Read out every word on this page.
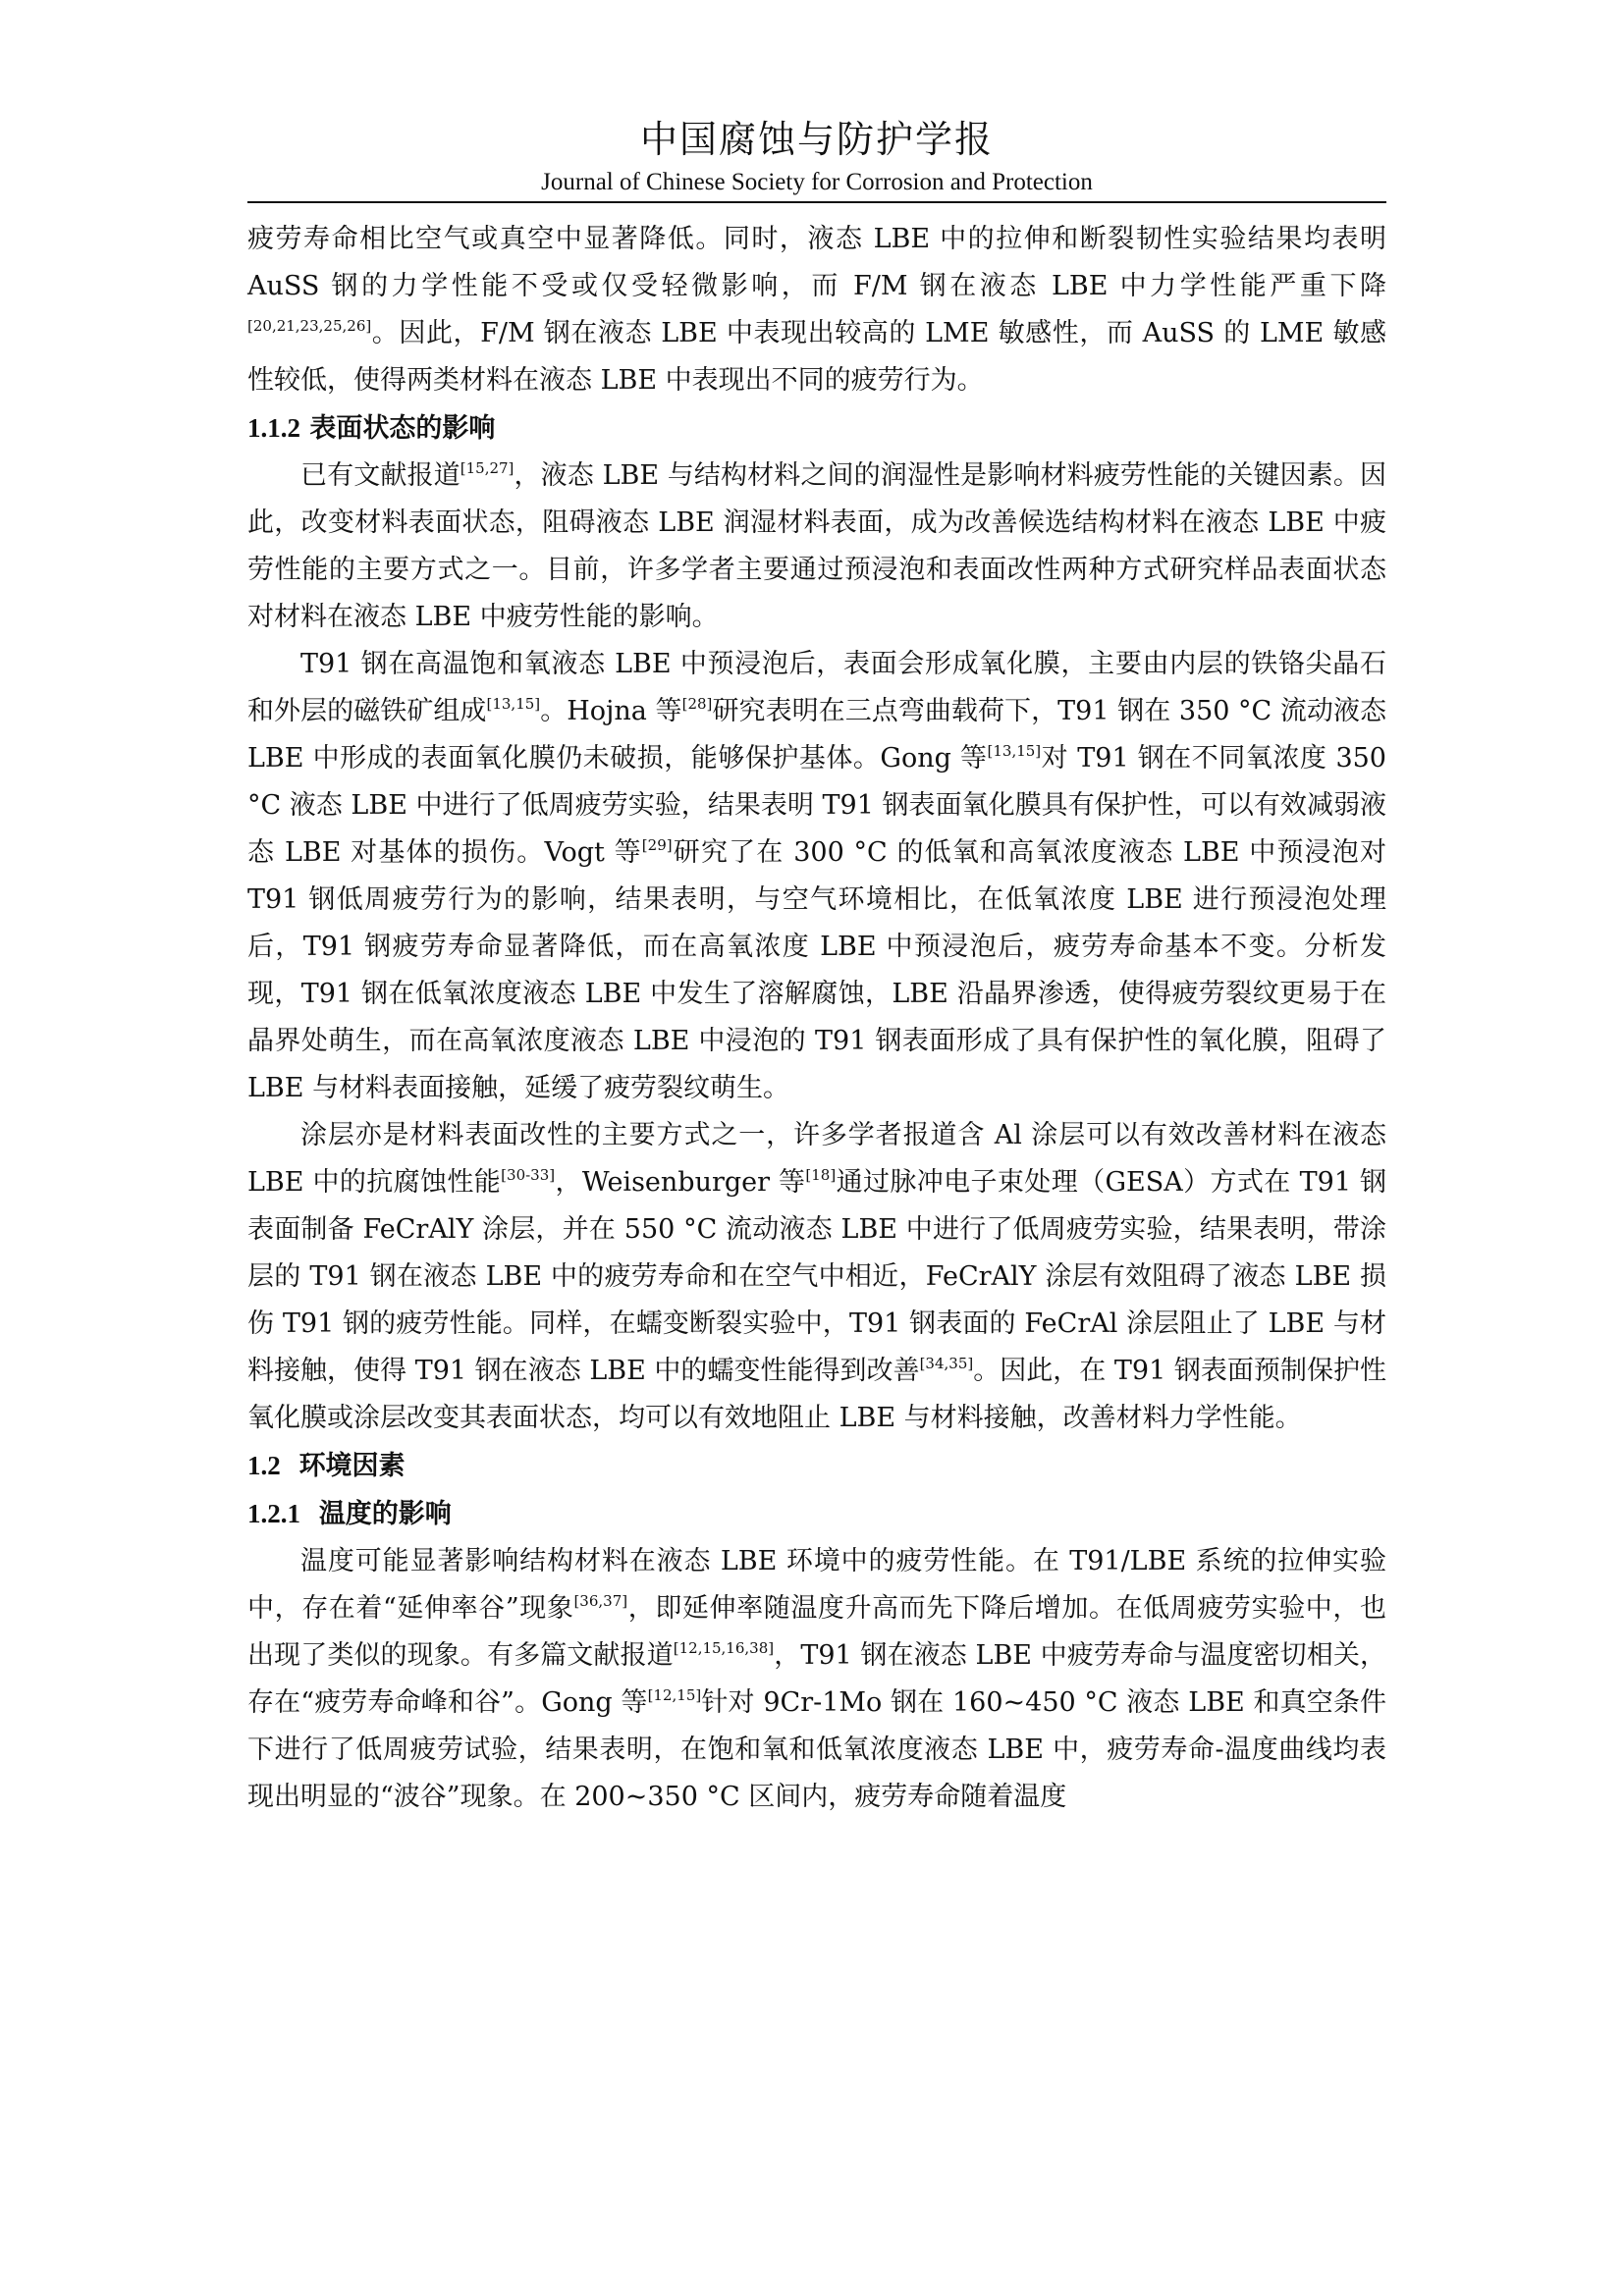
中国腐蚀与防护学报
Journal of Chinese Society for Corrosion and Protection

疲劳寿命相比空气或真空中显著降低。同时，液态 LBE 中的拉伸和断裂韧性实验结果均表明 AuSS 钢的力学性能不受或仅受轻微影响，而 F/M 钢在液态 LBE 中力学性能严重下降[20,21,23,25,26]。因此，F/M 钢在液态 LBE 中表现出较高的 LME 敏感性，而 AuSS 的 LME 敏感性较低，使得两类材料在液态 LBE 中表现出不同的疲劳行为。

1.1.2 表面状态的影响

已有文献报道[15,27]，液态 LBE 与结构材料之间的润湿性是影响材料疲劳性能的关键因素。因此，改变材料表面状态，阻碍液态 LBE 润湿材料表面，成为改善候选结构材料在液态 LBE 中疲劳性能的主要方式之一。目前，许多学者主要通过预浸泡和表面改性两种方式研究样品表面状态对材料在液态 LBE 中疲劳性能的影响。

T91 钢在高温饱和氧液态 LBE 中预浸泡后，表面会形成氧化膜，主要由内层的铁铬尖晶石和外层的磁铁矿组成[13,15]。Hojna 等[28]研究表明在三点弯曲载荷下，T91 钢在 350 °C 流动液态 LBE 中形成的表面氧化膜仍未破损，能够保护基体。Gong 等[13,15]对 T91 钢在不同氧浓度 350 °C 液态 LBE 中进行了低周疲劳实验，结果表明 T91 钢表面氧化膜具有保护性，可以有效减弱液态 LBE 对基体的损伤。Vogt 等[29]研究了在 300 °C 的低氧和高氧浓度液态 LBE 中预浸泡对 T91 钢低周疲劳行为的影响，结果表明，与空气环境相比，在低氧浓度 LBE 进行预浸泡处理后，T91 钢疲劳寿命显著降低，而在高氧浓度 LBE 中预浸泡后，疲劳寿命基本不变。分析发现，T91 钢在低氧浓度液态 LBE 中发生了溶解腐蚀，LBE 沿晶界渗透，使得疲劳裂纹更易于在晶界处萌生，而在高氧浓度液态 LBE 中浸泡的 T91 钢表面形成了具有保护性的氧化膜，阻碍了 LBE 与材料表面接触，延缓了疲劳裂纹萌生。

涂层亦是材料表面改性的主要方式之一，许多学者报道含 Al 涂层可以有效改善材料在液态 LBE 中的抗腐蚀性能[30-33]，Weisenburger 等[18]通过脉冲电子束处理（GESA）方式在 T91 钢表面制备 FeCrAlY 涂层，并在 550 °C 流动液态 LBE 中进行了低周疲劳实验，结果表明，带涂层的 T91 钢在液态 LBE 中的疲劳寿命和在空气中相近，FeCrAlY 涂层有效阻碍了液态 LBE 损伤 T91 钢的疲劳性能。同样，在蠕变断裂实验中，T91 钢表面的 FeCrAl 涂层阻止了 LBE 与材料接触，使得 T91 钢在液态 LBE 中的蠕变性能得到改善[34,35]。因此，在 T91 钢表面预制保护性氧化膜或涂层改变其表面状态，均可以有效地阻止 LBE 与材料接触，改善材料力学性能。

1.2 环境因素
1.2.1 温度的影响

温度可能显著影响结构材料在液态 LBE 环境中的疲劳性能。在 T91/LBE 系统的拉伸实验中，存在着“延伸率谷”现象[36,37]，即延伸率随温度升高而先下降后增加。在低周疲劳实验中，也出现了类似的现象。有多篇文献报道[12,15,16,38]，T91 钢在液态 LBE 中疲劳寿命与温度密切相关，存在“疲劳寿命峰和谷”。Gong 等[12,15]针对 9Cr-1Mo 钢在 160~450 °C 液态 LBE 和真空条件下进行了低周疲劳试验，结果表明，在饱和氧和低氧浓度液态 LBE 中，疲劳寿命-温度曲线均表现出明显的“波谷”现象。在 200~350 °C 区间内，疲劳寿命随着温度
